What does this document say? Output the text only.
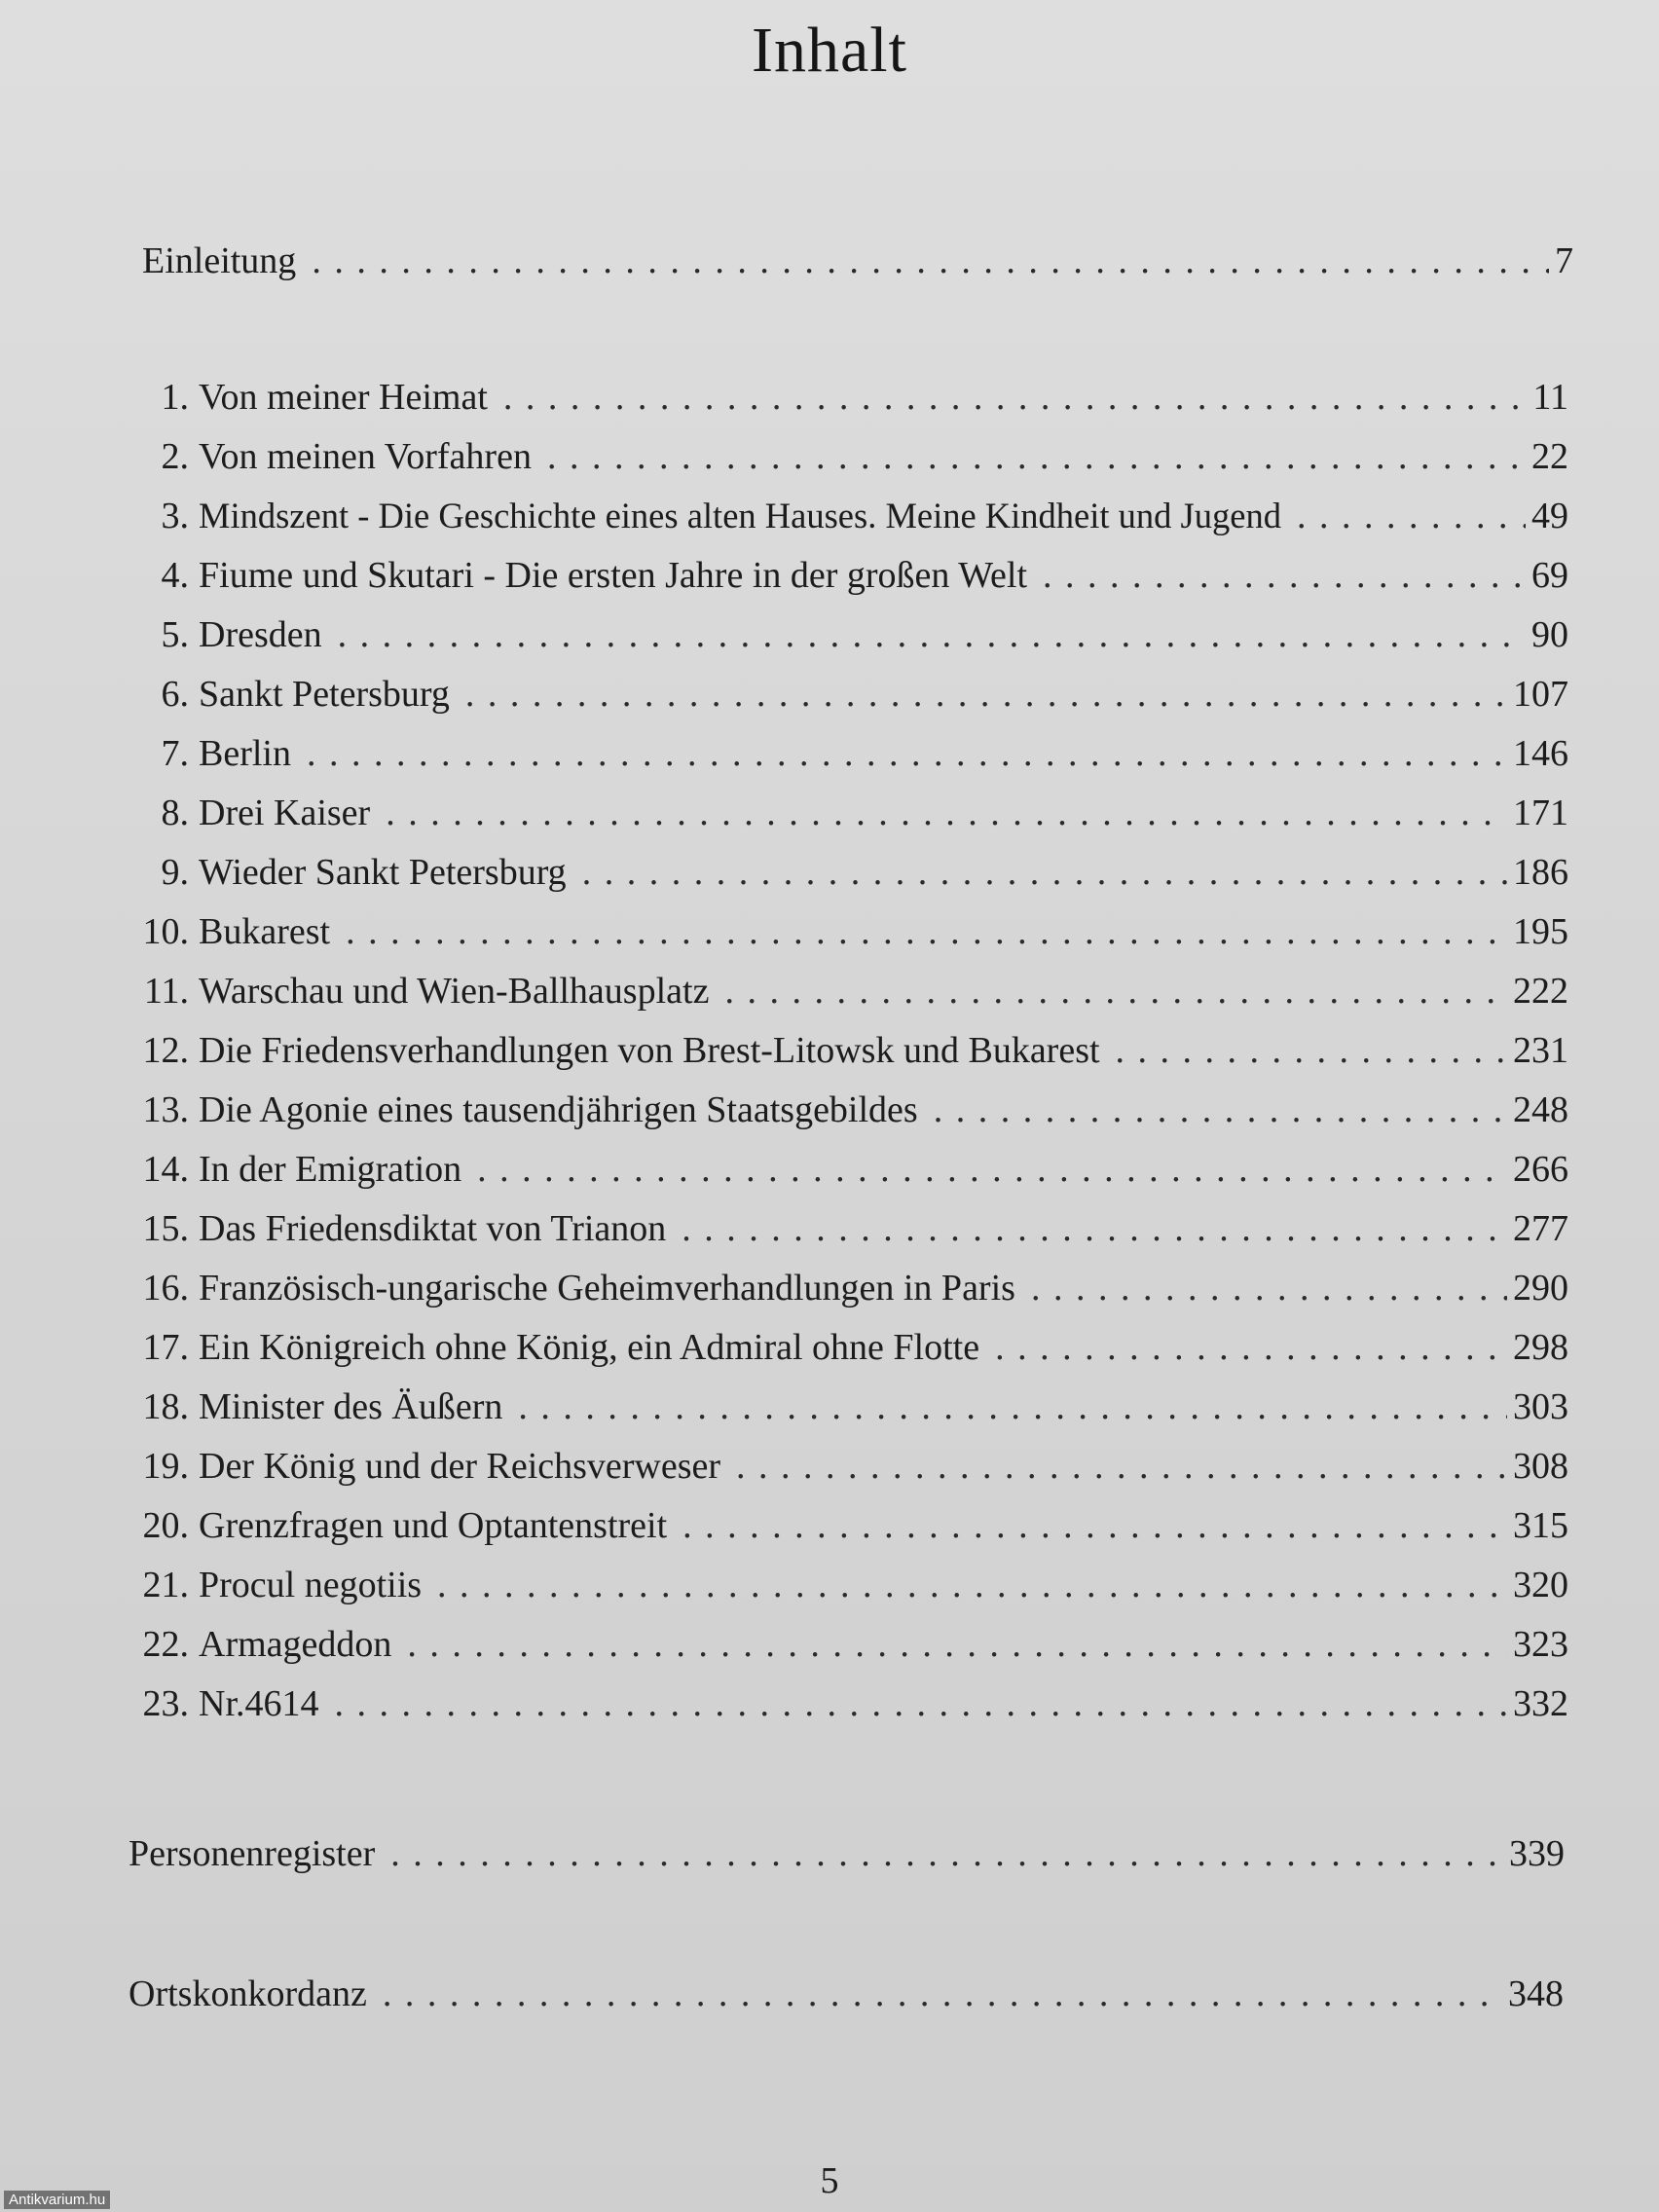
Inhalt
Einleitung . . .	7
1. Von meiner Heimat . . .	11
2. Von meinen Vorfahren . . .	22
3. Mindszent - Die Geschichte eines alten Hauses. Meine Kindheit und Jugend . . .	49
4. Fiume und Skutari - Die ersten Jahre in der großen Welt . . .	69
5. Dresden . . .	90
6. Sankt Petersburg . . .	107
7. Berlin . . .	146
8. Drei Kaiser . . .	171
9. Wieder Sankt Petersburg . . .	186
10. Bukarest . . .	195
11. Warschau und Wien-Ballhausplatz . . .	222
12. Die Friedensverhandlungen von Brest-Litowsk und Bukarest . . .	231
13. Die Agonie eines tausendjährigen Staatsgebildes . . .	248
14. In der Emigration . . .	266
15. Das Friedensdiktat von Trianon . . .	277
16. Französisch-ungarische Geheimverhandlungen in Paris . . .	290
17. Ein Königreich ohne König, ein Admiral ohne Flotte . . .	298
18. Minister des Äußern . . .	303
19. Der König und der Reichsverweser . . .	308
20. Grenzfragen und Optantenstreit . . .	315
21. Procul negotiis . . .	320
22. Armageddon . . .	323
23. Nr.4614 . . .	332
Personenregister . . .	339
Ortskonkordanz . . .	348
5
Antikvarium.hu
